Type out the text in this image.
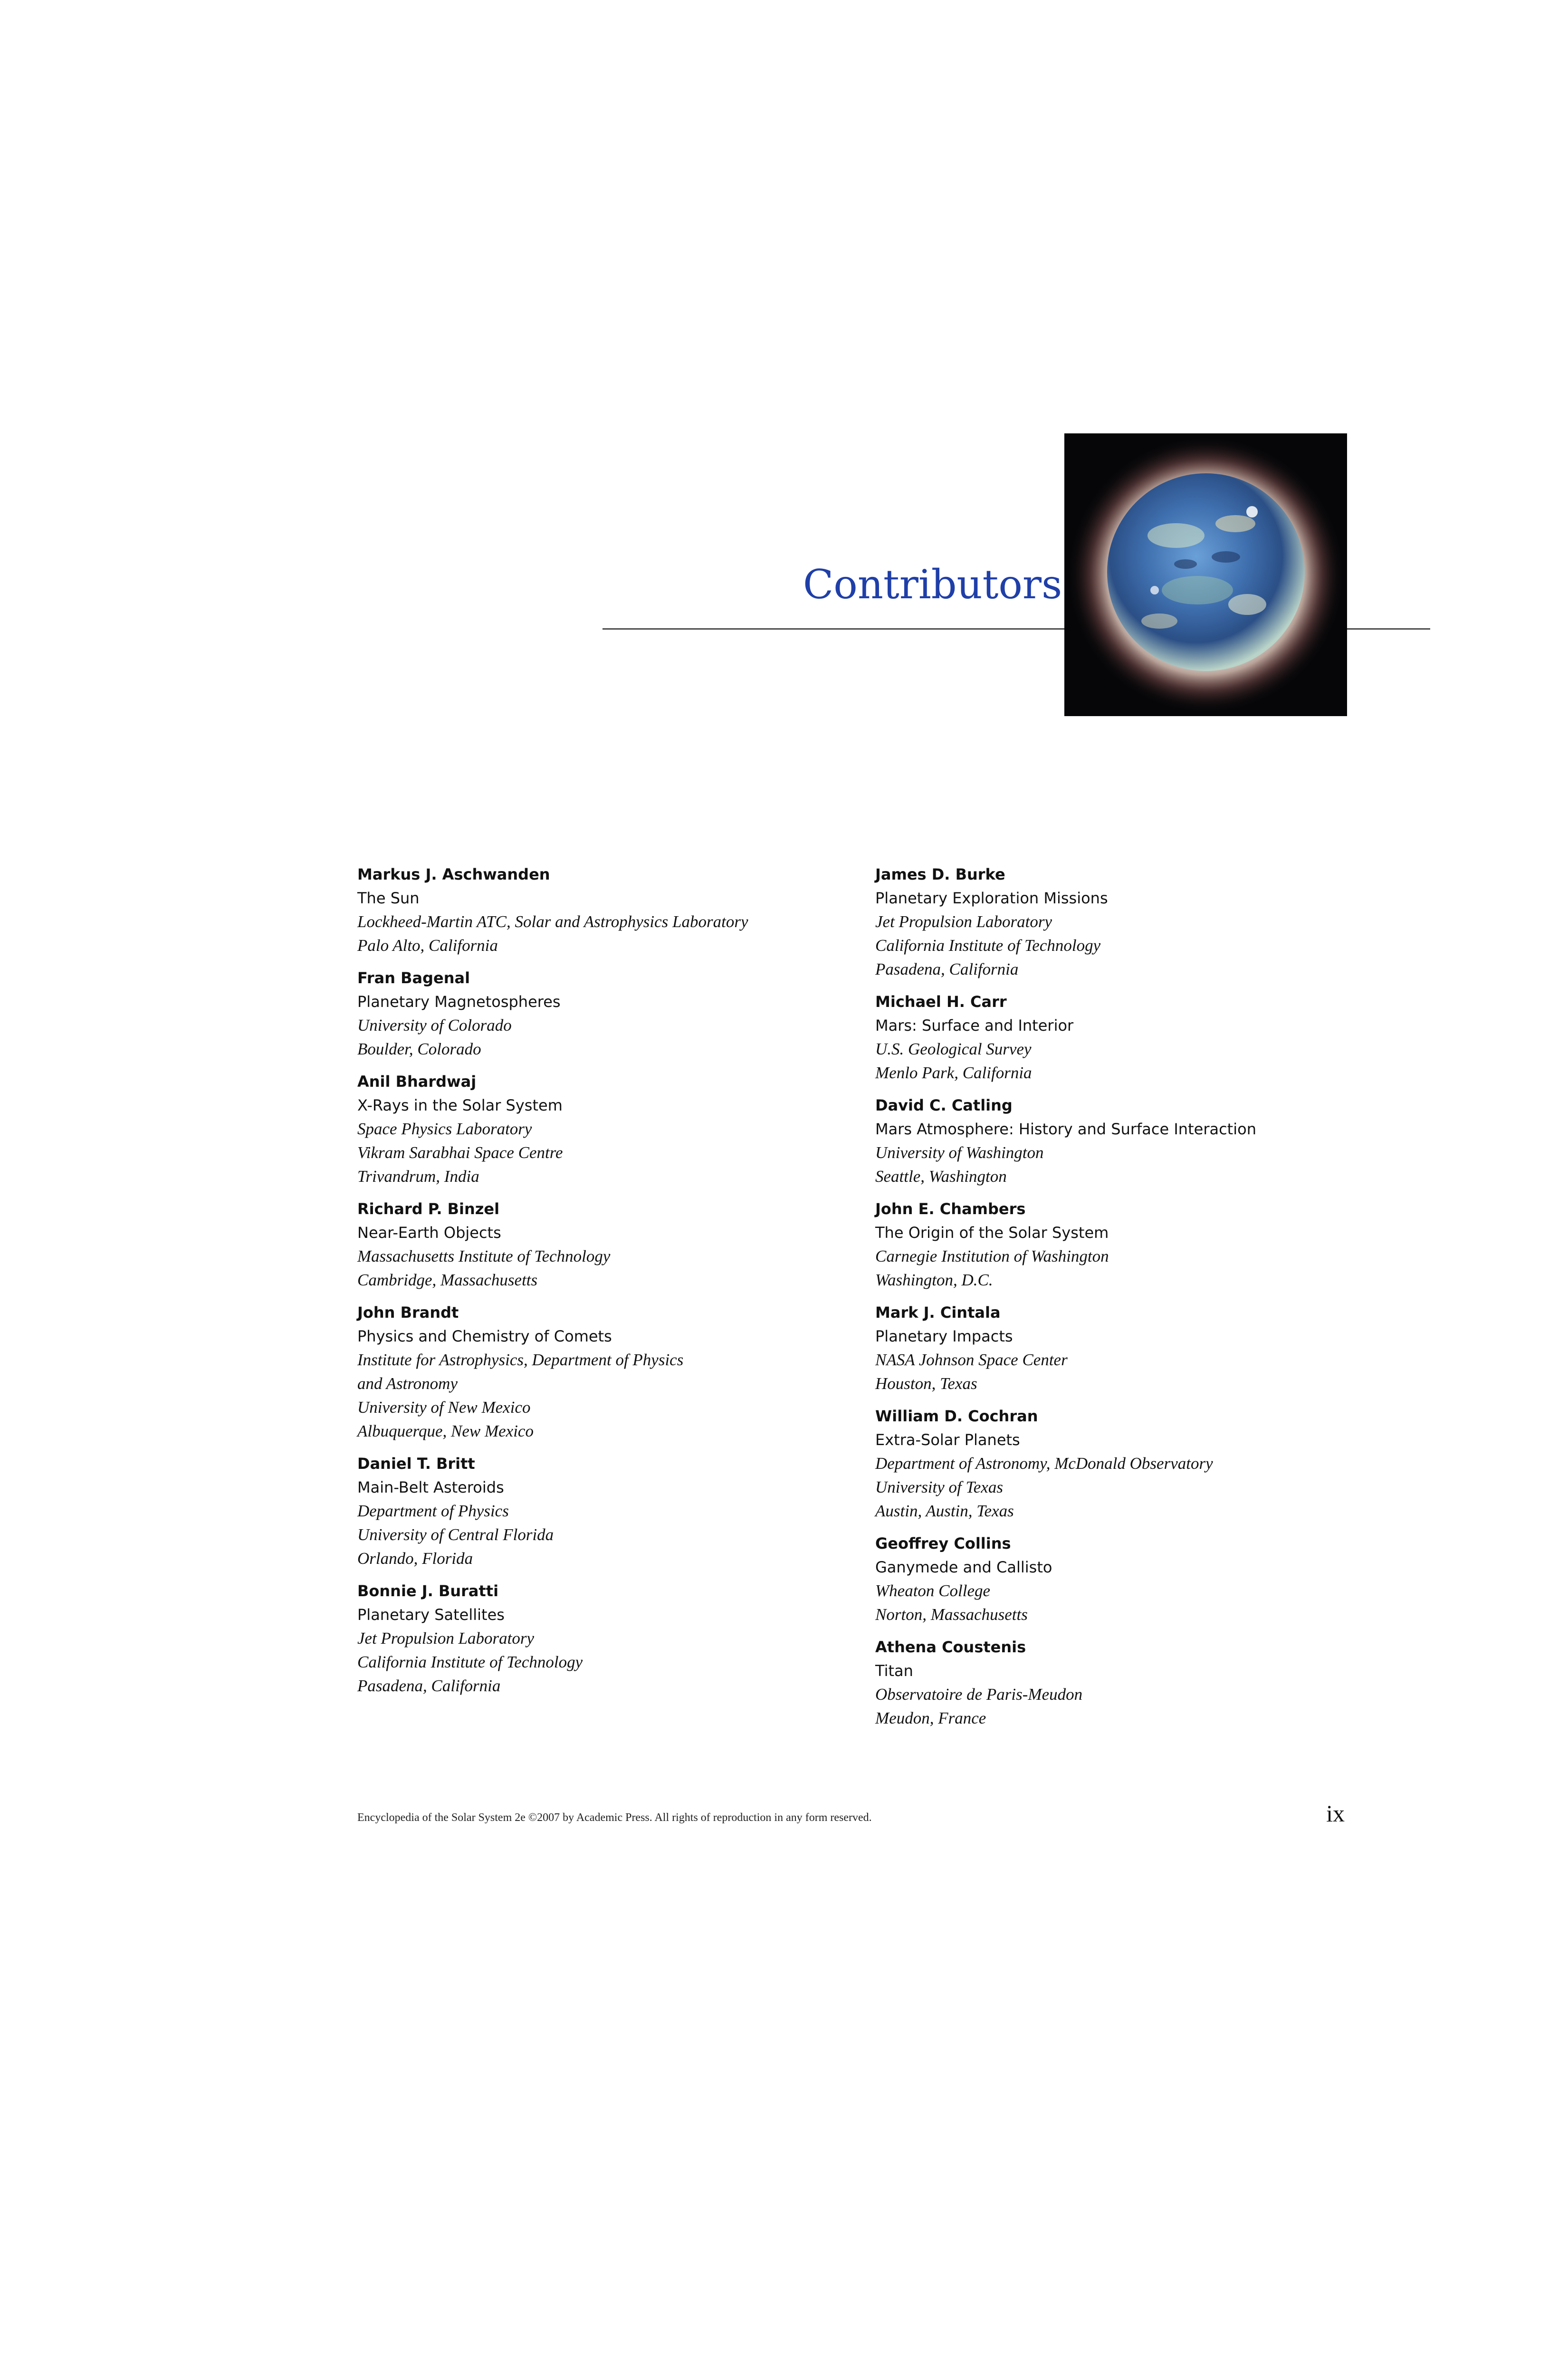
Contributors
Markus J. Aschwanden
The Sun
Lockheed-Martin ATC, Solar and Astrophysics Laboratory
Palo Alto, California
Fran Bagenal
Planetary Magnetospheres
University of Colorado
Boulder, Colorado
Anil Bhardwaj
X-Rays in the Solar System
Space Physics Laboratory
Vikram Sarabhai Space Centre
Trivandrum, India
Richard P. Binzel
Near-Earth Objects
Massachusetts Institute of Technology
Cambridge, Massachusetts
John Brandt
Physics and Chemistry of Comets
Institute for Astrophysics, Department of Physics
and Astronomy
University of New Mexico
Albuquerque, New Mexico
Daniel T. Britt
Main-Belt Asteroids
Department of Physics
University of Central Florida
Orlando, Florida
Bonnie J. Buratti
Planetary Satellites
Jet Propulsion Laboratory
California Institute of Technology
Pasadena, California
James D. Burke
Planetary Exploration Missions
Jet Propulsion Laboratory
California Institute of Technology
Pasadena, California
Michael H. Carr
Mars: Surface and Interior
U.S. Geological Survey
Menlo Park, California
David C. Catling
Mars Atmosphere: History and Surface Interaction
University of Washington
Seattle, Washington
John E. Chambers
The Origin of the Solar System
Carnegie Institution of Washington
Washington, D.C.
Mark J. Cintala
Planetary Impacts
NASA Johnson Space Center
Houston, Texas
William D. Cochran
Extra-Solar Planets
Department of Astronomy, McDonald Observatory
University of Texas
Austin, Austin, Texas
Geoffrey Collins
Ganymede and Callisto
Wheaton College
Norton, Massachusetts
Athena Coustenis
Titan
Observatoire de Paris-Meudon
Meudon, France
Encyclopedia of the Solar System 2e ©2007 by Academic Press. All rights of reproduction in any form reserved.	ix
